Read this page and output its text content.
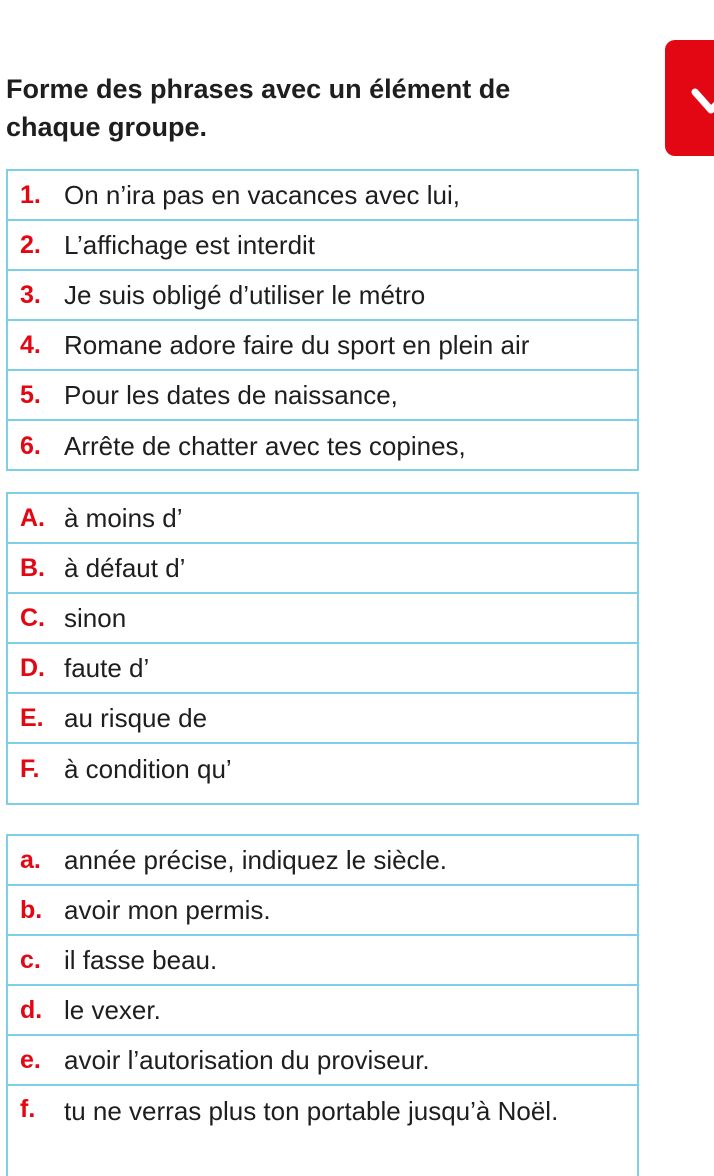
Forme des phrases avec un élément de chaque groupe.
1. On n’ira pas en vacances avec lui,
2. L’affichage est interdit
3. Je suis obligé d’utiliser le métro
4. Romane adore faire du sport en plein air
5. Pour les dates de naissance,
6. Arrête de chatter avec tes copines,
A. à moins d’
B. à défaut d’
C. sinon
D. faute d’
E. au risque de
F. à condition qu’
a. année précise, indiquez le siècle.
b. avoir mon permis.
c. il fasse beau.
d. le vexer.
e. avoir l’autorisation du proviseur.
f.	tu ne verras plus ton portable jusqu’à Noël.
